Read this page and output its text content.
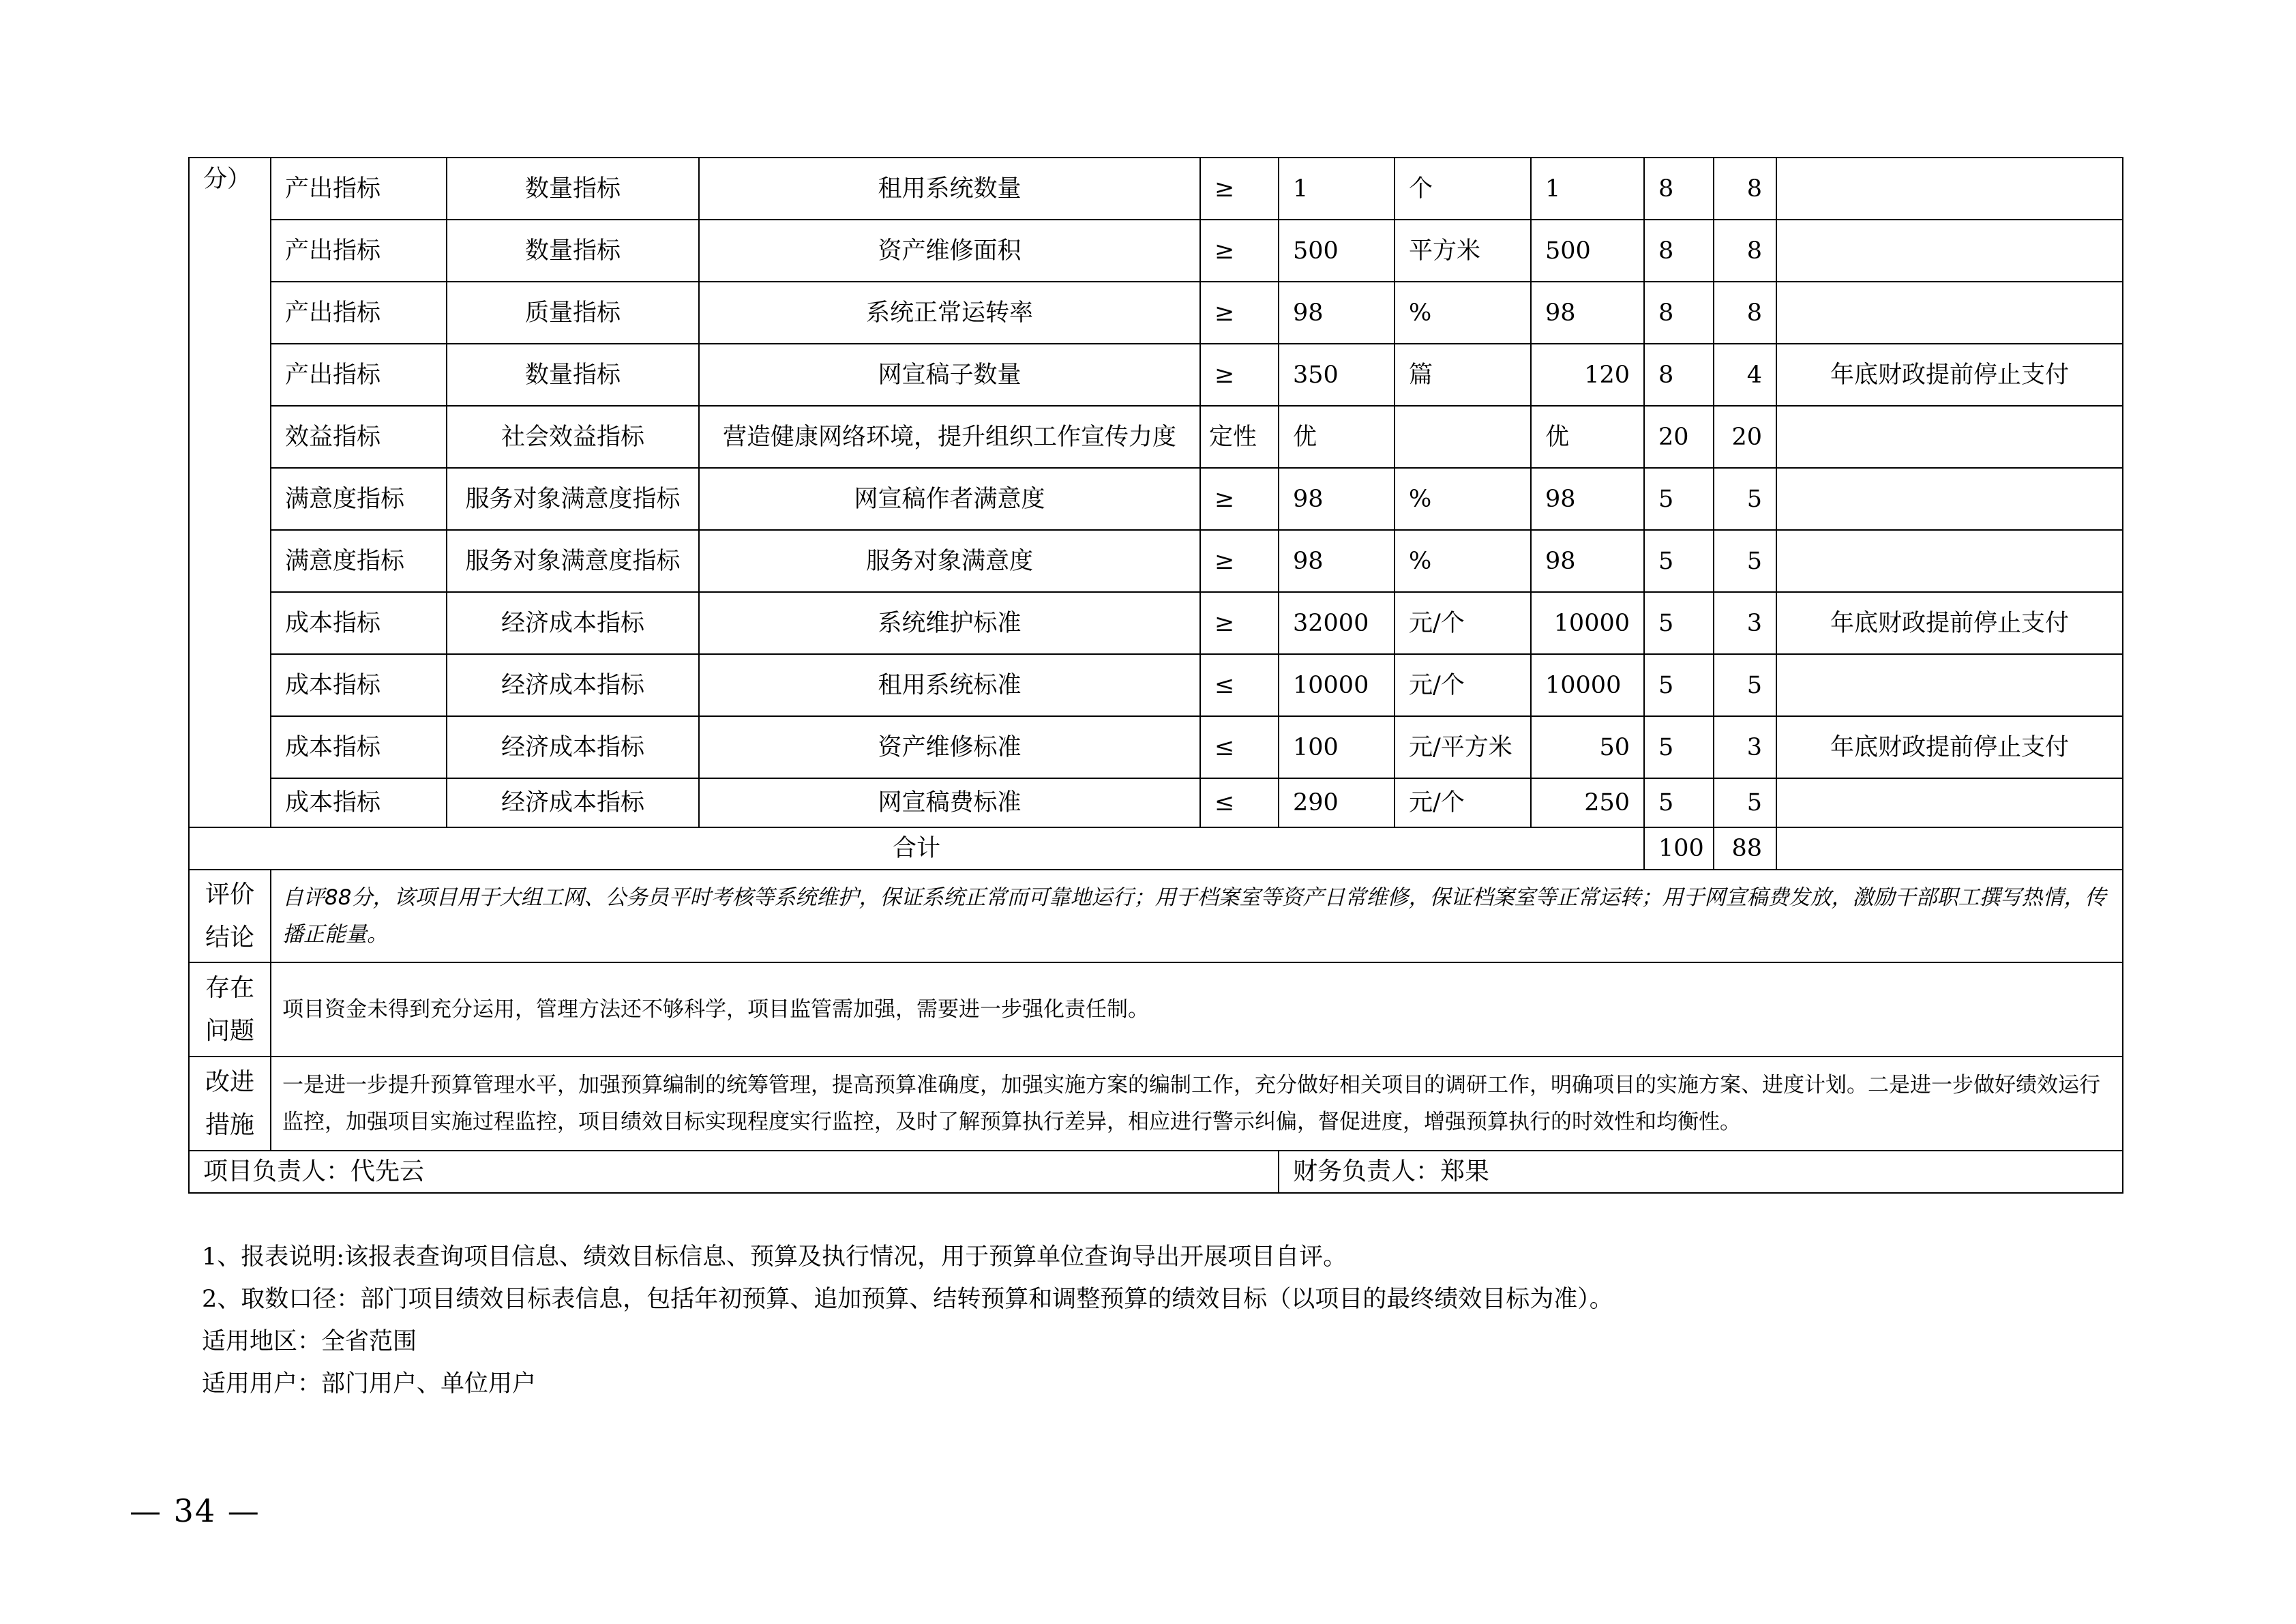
分）	产出指标	数量指标	租用系统数量	≥	1	个	1	8	8	
	产出指标	数量指标	资产维修面积	≥	500	平方米	500	8	8	
	产出指标	质量指标	系统正常运转率	≥	98	%	98	8	8	
	产出指标	数量指标	网宣稿子数量	≥	350	篇	120	8	4	年底财政提前停止支付
	效益指标	社会效益指标	营造健康网络环境，提升组织工作宣传力度	定性	优		优	20	20	
	满意度指标	服务对象满意度指标	网宣稿作者满意度	≥	98	%	98	5	5	
	满意度指标	服务对象满意度指标	服务对象满意度	≥	98	%	98	5	5	
	成本指标	经济成本指标	系统维护标准	≥	32000	元/个	10000	5	3	年底财政提前停止支付
	成本指标	经济成本指标	租用系统标准	≤	10000	元/个	10000	5	5	
	成本指标	经济成本指标	资产维修标准	≤	100	元/平方米	50	5	3	年底财政提前停止支付
	成本指标	经济成本指标	网宣稿费标准	≤	290	元/个	250	5	5	
合计								100	88	
评价结论	自评88分，该项目用于大组工网、公务员平时考核等系统维护，保证系统正常而可靠地运行；用于档案室等资产日常维修，保证档案室等正常运转；用于网宣稿费发放，激励干部职工撰写热情，传播正能量。									
存在问题	项目资金未得到充分运用，管理方法还不够科学，项目监管需加强，需要进一步强化责任制。									
改进措施	一是进一步提升预算管理水平，加强预算编制的统筹管理，提高预算准确度，加强实施方案的编制工作，充分做好相关项目的调研工作，明确项目的实施方案、进度计划。二是进一步做好绩效运行监控，加强项目实施过程监控，项目绩效目标实现程度实行监控，及时了解预算执行差异，相应进行警示纠偏，督促进度，增强预算执行的时效性和均衡性。									
项目负责人：代先云					财务负责人：郑果					
1、报表说明:该报表查询项目信息、绩效目标信息、预算及执行情况，用于预算单位查询导出开展项目自评。
2、取数口径：部门项目绩效目标表信息，包括年初预算、追加预算、结转预算和调整预算的绩效目标（以项目的最终绩效目标为准）。
适用地区：全省范围
适用用户：部门用户、单位用户
— 34 —
